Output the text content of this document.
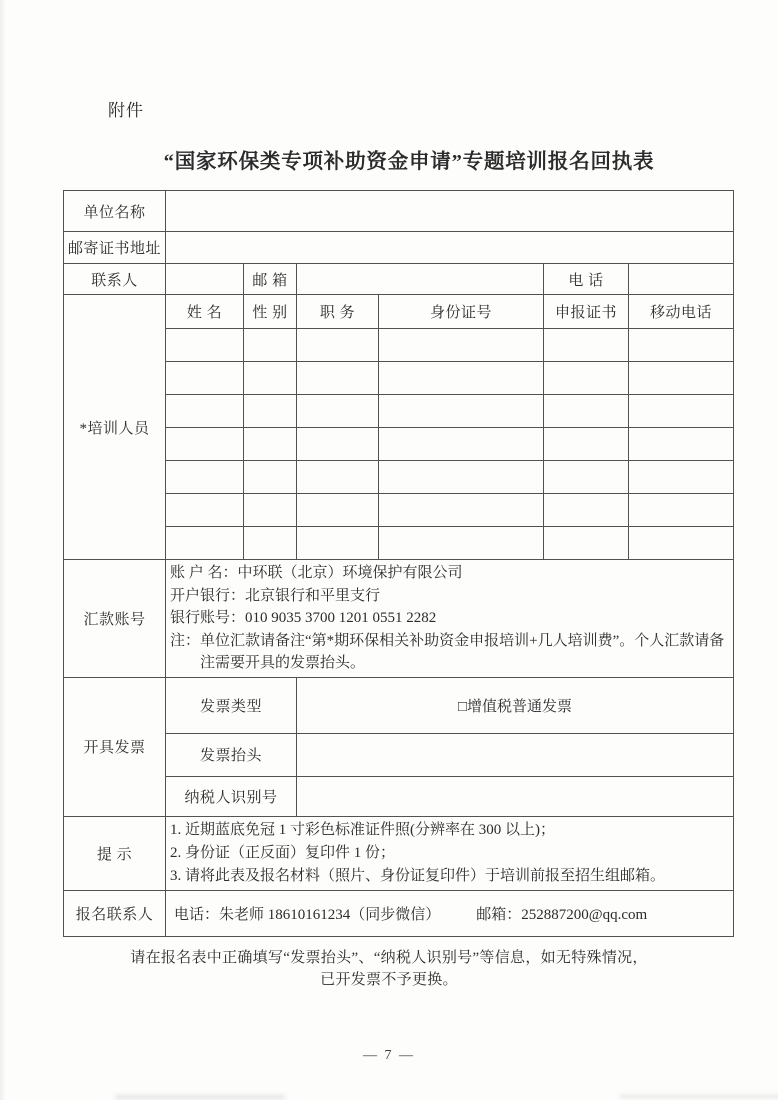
附件
“国家环保类专项补助资金申请”专题培训报名回执表
单位名称						
邮寄证书地址						
联系人		邮 箱			电 话	
*培训人员	姓 名	性 别	职 务	身份证号	申报证书	移动电话

汇款账号	账 户 名：中环联（北京）环境保护有限公司
开户银行：北京银行和平里支行
银行账号：010 9035 3700 1201 0551 2282
注：单位汇款请备注“第*期环保相关补助资金申报培训+几人培训费”。个人汇款请备注需要开具的发票抬头。					

开具发票	发票类型		□增值税普通发票			
	发票抬头					
	纳税人识别号					
提 示	1. 近期蓝底免冠 1 寸彩色标准证件照(分辨率在 300 以上)；
2. 身份证（正反面）复印件 1 份；
3. 请将此表及报名材料（照片、身份证复印件）于培训前报至招生组邮箱。					

报名联系人	电话：朱老师 18610161234（同步微信） 邮箱：252887200@qq.com					
请在报名表中正确填写“发票抬头”、“纳税人识别号”等信息，如无特殊情况，
已开发票不予更换。
— 7 —
